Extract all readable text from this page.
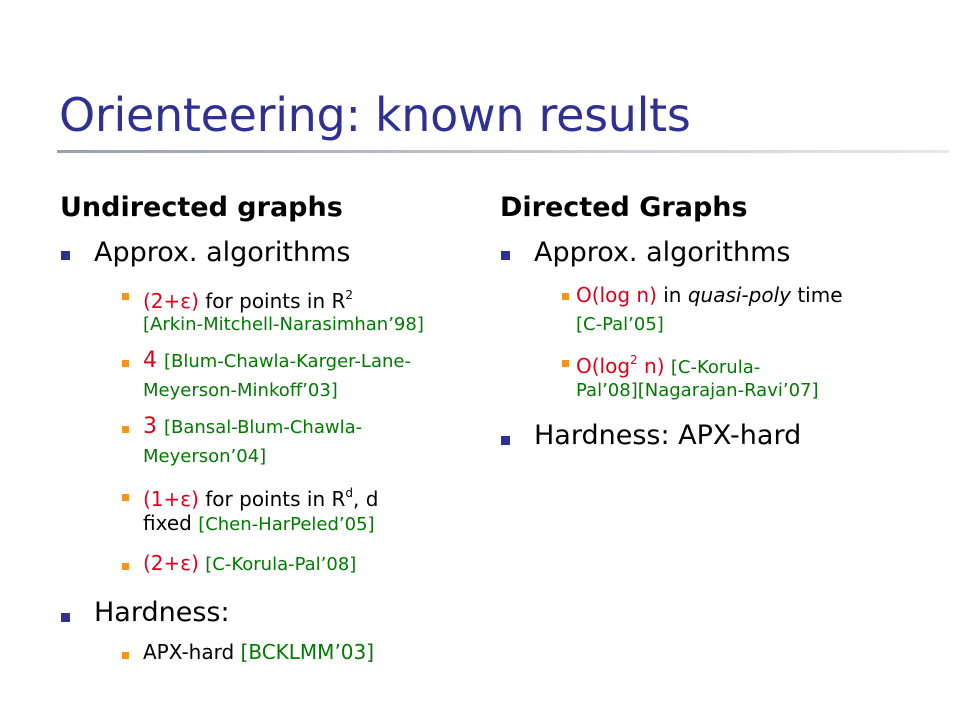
Orienteering: known results
Undirected graphs
Approx. algorithms
(2+ε) for points in $R^2$
[Arkin-Mitchell-Narasimhan’98]
4 [Blum-Chawla-Karger-Lane-
Meyerson-Minkoff’03]
3 [Bansal-Blum-Chawla-
Meyerson’04]
(1+ε) for points in $R^d$, d
fixed [Chen-HarPeled’05]
(2+ε) [C-Korula-Pal’08]
Hardness:
APX-hard [BCKLMM’03]
Directed Graphs
Approx. algorithms
O(log n) in quasi-poly time
[C-Pal’05]
$O(\log^2$ n) [C-Korula-
Pal’08][Nagarajan-Ravi’07]
Hardness: APX-hard
